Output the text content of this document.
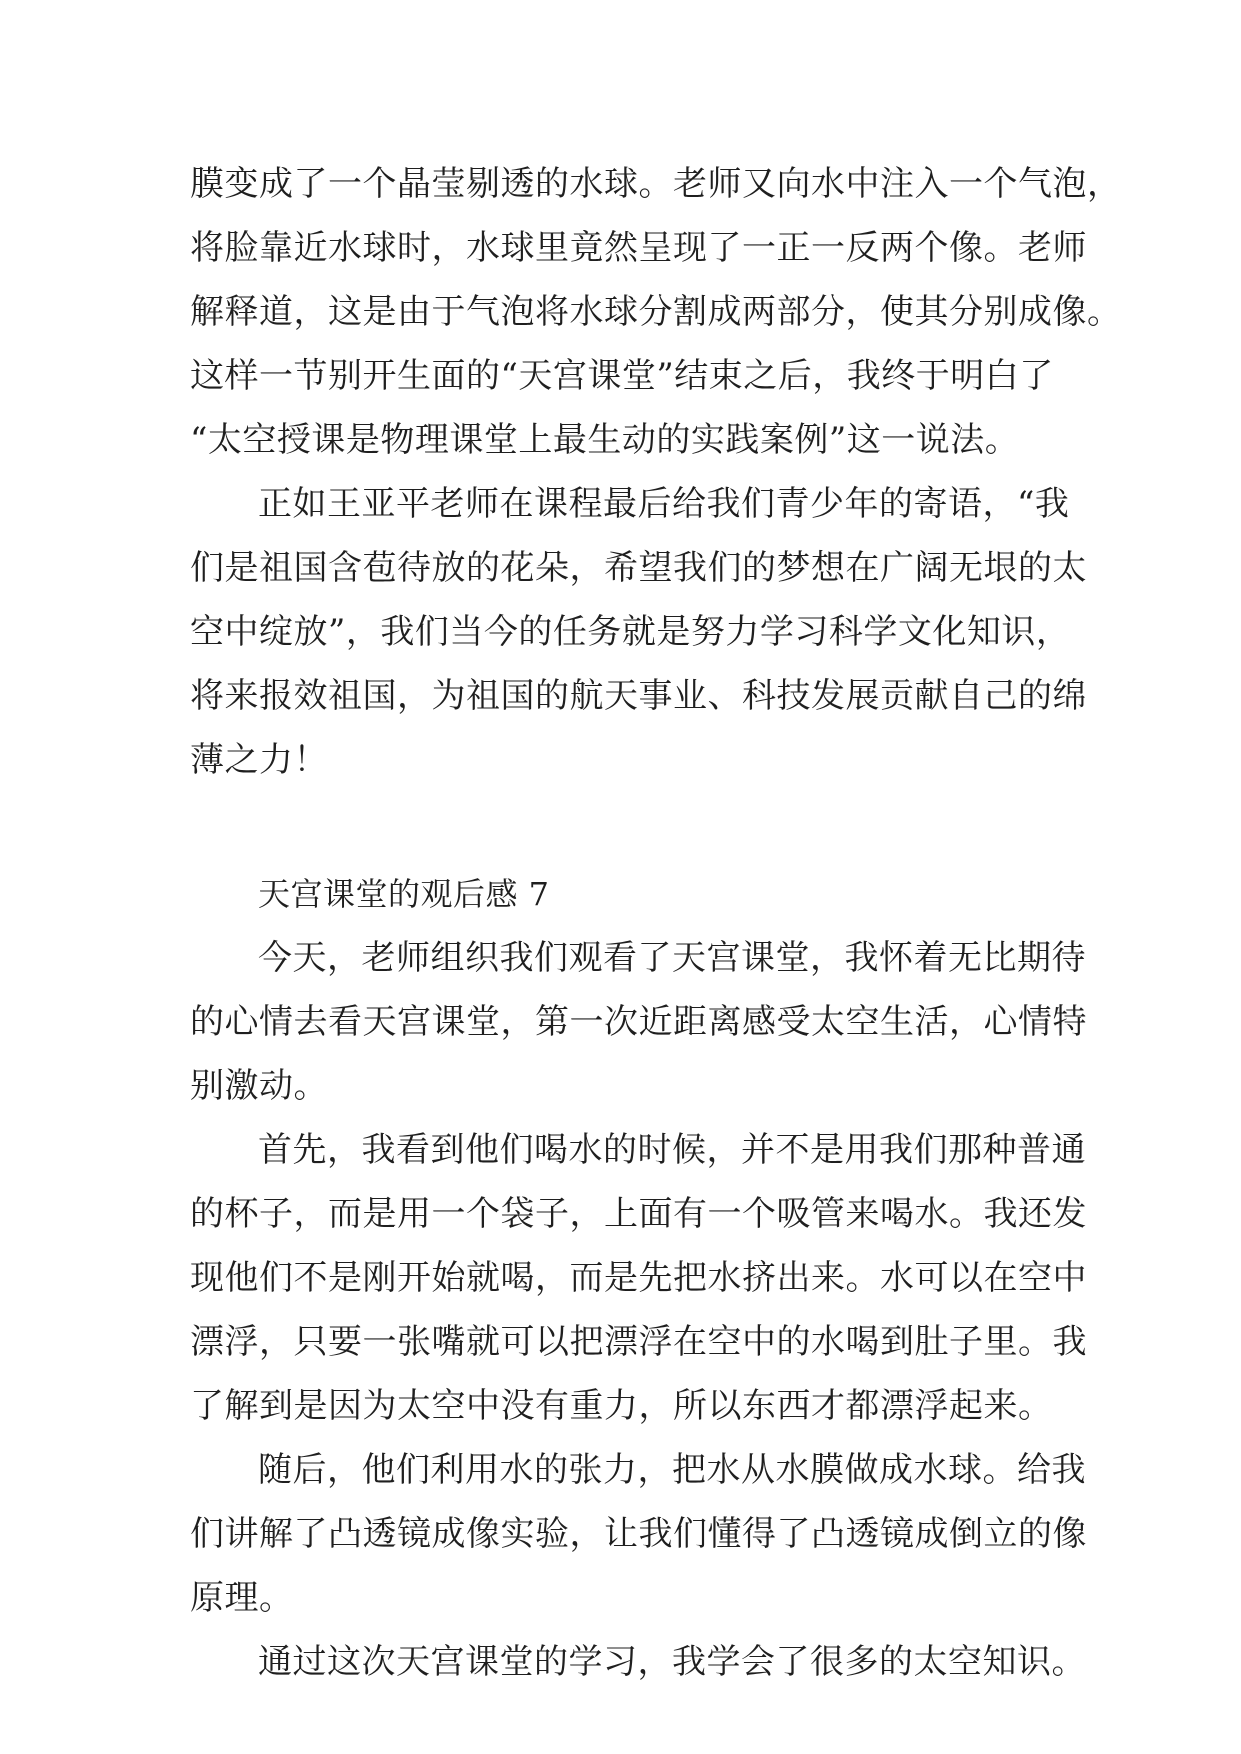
膜变成了一个晶莹剔透的水球。老师又向水中注入一个气泡，
将脸靠近水球时，水球里竟然呈现了一正一反两个像。老师
解释道，这是由于气泡将水球分割成两部分，使其分别成像。
这样一节别开生面的“天宫课堂”结束之后，我终于明白了
“太空授课是物理课堂上最生动的实践案例”这一说法。
正如王亚平老师在课程最后给我们青少年的寄语，“我
们是祖国含苞待放的花朵，希望我们的梦想在广阔无垠的太
空中绽放”，我们当今的任务就是努力学习科学文化知识，
将来报效祖国，为祖国的航天事业、科技发展贡献自己的绵
薄之力！
天宫课堂的观后感 7
今天，老师组织我们观看了天宫课堂，我怀着无比期待
的心情去看天宫课堂，第一次近距离感受太空生活，心情特
别激动。
首先，我看到他们喝水的时候，并不是用我们那种普通
的杯子，而是用一个袋子，上面有一个吸管来喝水。我还发
现他们不是刚开始就喝，而是先把水挤出来。水可以在空中
漂浮，只要一张嘴就可以把漂浮在空中的水喝到肚子里。我
了解到是因为太空中没有重力，所以东西才都漂浮起来。
随后，他们利用水的张力，把水从水膜做成水球。给我
们讲解了凸透镜成像实验，让我们懂得了凸透镜成倒立的像
原理。
通过这次天宫课堂的学习，我学会了很多的太空知识。
